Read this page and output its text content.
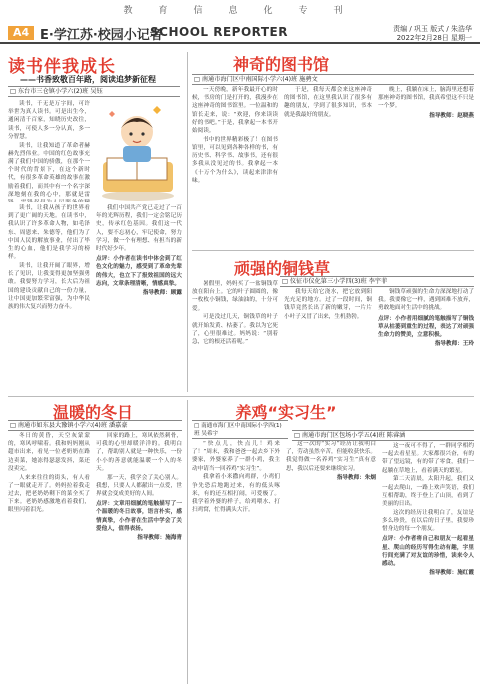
教 育 信 息 化 专 刊
A4 E·学江苏·校园小记者
SCHOOL REPORTER	责编 / 巩玉 版式 / 朱浩华
2022年2月28日 星期一
读书伴我成长
——书香致敬百年路，阅读追梦新征程
□ 东台市三仓镇小学六(2)班 吴钰

读书，千无是万字间，可许举世为真人读书。可是出生今，通闲清千百家，知晓历史改往，读书，可使人多一分认真，多一分智慧。

读书，让我知道了革命者赫赫先烈伟业。中国的红色故事充满了我们中国的骄傲，在那个一个时代的背景下，在这个新时代，有很多革命英雄的故事在激励着我们，而其中有一个名字深深地刻在我的心中，那就是雷

读书，让我从孩子的世界看到了更广阔的天地。在读书中，我认识了许多革命人物，如毛泽东、周恩来、朱德等，他们为了中国人民的解放事业，付出了毕生的心血，他们是我学习的榜样。

读书，让我开阔了眼界，增长了见识，让我变得更加坚强勇敢。我要努力学习，长大后为祖国的建设贡献自己的一份力量，让中国更加繁荣富强，为中华民族的伟大复兴而努力奋斗。

我们中国共产党已走过了一百年的光辉历程，我们一定会铭记历史，传承红色基因。我们这一代人，要不忘初心，牢记使命，努力学习，做一个有理想、有担当的新时代好少年。

点评：小作者在读书中体会到了红色文化的魅力，感受到了革命先辈的伟大，也立下了报效祖国的远大志向，文章条理清晰，情感真挚。
指导教师：顾露
神奇的图书馆
□ 南通市海门区中南国际小学六(4)班 施骋文

一天傍晚，新年我最开心的时候，书房的门是打开的，我漫步在这座神奇的图书馆里。一位温和的馆长走来，说：“欢迎，你来读读好的书吧。”于是，我拿起一本书开始阅读。

书中的世界精彩极了！在图书馆里，可以见到各种各样的书，有历史书、科学书、故事书，还有很多我从没见过的书。我拿起一本《十万个为什么》，读起来津津有味。

于是，我每天都会来这座神奇的图书馆，在这里我认识了很多有趣的朋友，学到了很多知识，书本就是我最好的朋友。

晚上，我躺在床上，脑海里还想着那座神奇的图书馆，我真希望这不只是一个梦。

指导教师：赵晓燕
顽强的铜钱草
□ 仪征市仪化第三小学四(3)班 李宇菲

暑假里，妈妈买了一盆铜钱草放在阳台上。它的叶子圆圆的，像一枚枚小铜钱，绿油油的，十分可爱。

可是没过几天，铜钱草的叶子就开始发黄、枯萎了。我以为它死了，心里很难过。妈妈说：“别着急，它的根还活着呢。”

我每天给它浇水，把它放到阳光充足的地方。过了一段时间，铜钱草竟然长出了新的嫩芽，一片片小叶子又冒了出来，生机勃勃。

铜钱草顽强的生命力深深地打动了我。我要像它一样，遇到困难不放弃，勇敢地面对生活中的挑战。

点评：小作者用细腻的笔触描写了铜钱草从枯萎到重生的过程，表达了对顽强生命力的赞美，立意积极。
指导教师：王玲
温暖的冬日
□ 南通市如东县大豫镇小学六(4)班 潘嘉豪

冬日的黄昏，天空灰蒙蒙的，寒风呼啸着。我和妈妈刚从超市出来，看见一位老奶奶在路边卖菜，她冻得瑟瑟发抖，菜还没卖完。

人来来往往的街头，有人看了一眼就走开了。妈妈拉着我走过去，把老奶奶剩下的菜全买了下来。老奶奶感激地看着我们，眼里闪着泪光。

回家的路上，寒风依然刺骨，可我的心里却暖洋洋的。我明白了，帮助别人就是一种快乐，一份小小的善意就能温暖一个人的冬天。

那一天，我学会了关心别人。我想，只要人人都献出一点爱，世界就会变成美好的人间。

点评：文章用细腻的笔触描写了一个温暖的冬日故事，语言朴实，感情真挚，小作者在生活中学会了关爱他人，值得表扬。
指导教师：施海青
养鸡“实习生”
□ 南通市海门区中南国际小学四(1)班 吴希宇

“快点儿，快点儿！鸡来了！”周末，我和爸爸一起去乡下外婆家，外婆家养了一群小鸡，我主动申请当一回养鸡“实习生”。

我拿着小米撒向鸡群，小鸡们争先恐后地跑过来，有的低头啄米，有的还互相打闹，可爱极了。我学着外婆的样子，给鸡喂水、打扫鸡窝，忙得满头大汗。

这一次的“实习”经历让我明白了，劳动虽然辛苦，但能收获快乐。我觉得做一名养鸡“实习生”真有意思，我以后还要来继续实习。

指导教师：朱炯
□ 南通市海门区包场小学五(4)班 陈睿涵

这一夜可不得了，一群同学相约一起去看星星。大家都很兴奋，有的带了望远镜，有的带了零食，我们一起躺在草地上，看着满天的繁星。

第二天清晨，太阳升起，我们又一起去爬山，一路上欢声笑语，我们互相帮助，终于登上了山顶，看到了美丽的日出。

这次的经历让我明白了，友谊是多么珍贵，在以后的日子里，我要珍惜身边的每一个朋友。

点评：小作者将自己和朋友一起看星星、爬山的经历写得生动有趣，字里行间充满了对友谊的珍惜，读来令人感动。
指导教师：施红霞
